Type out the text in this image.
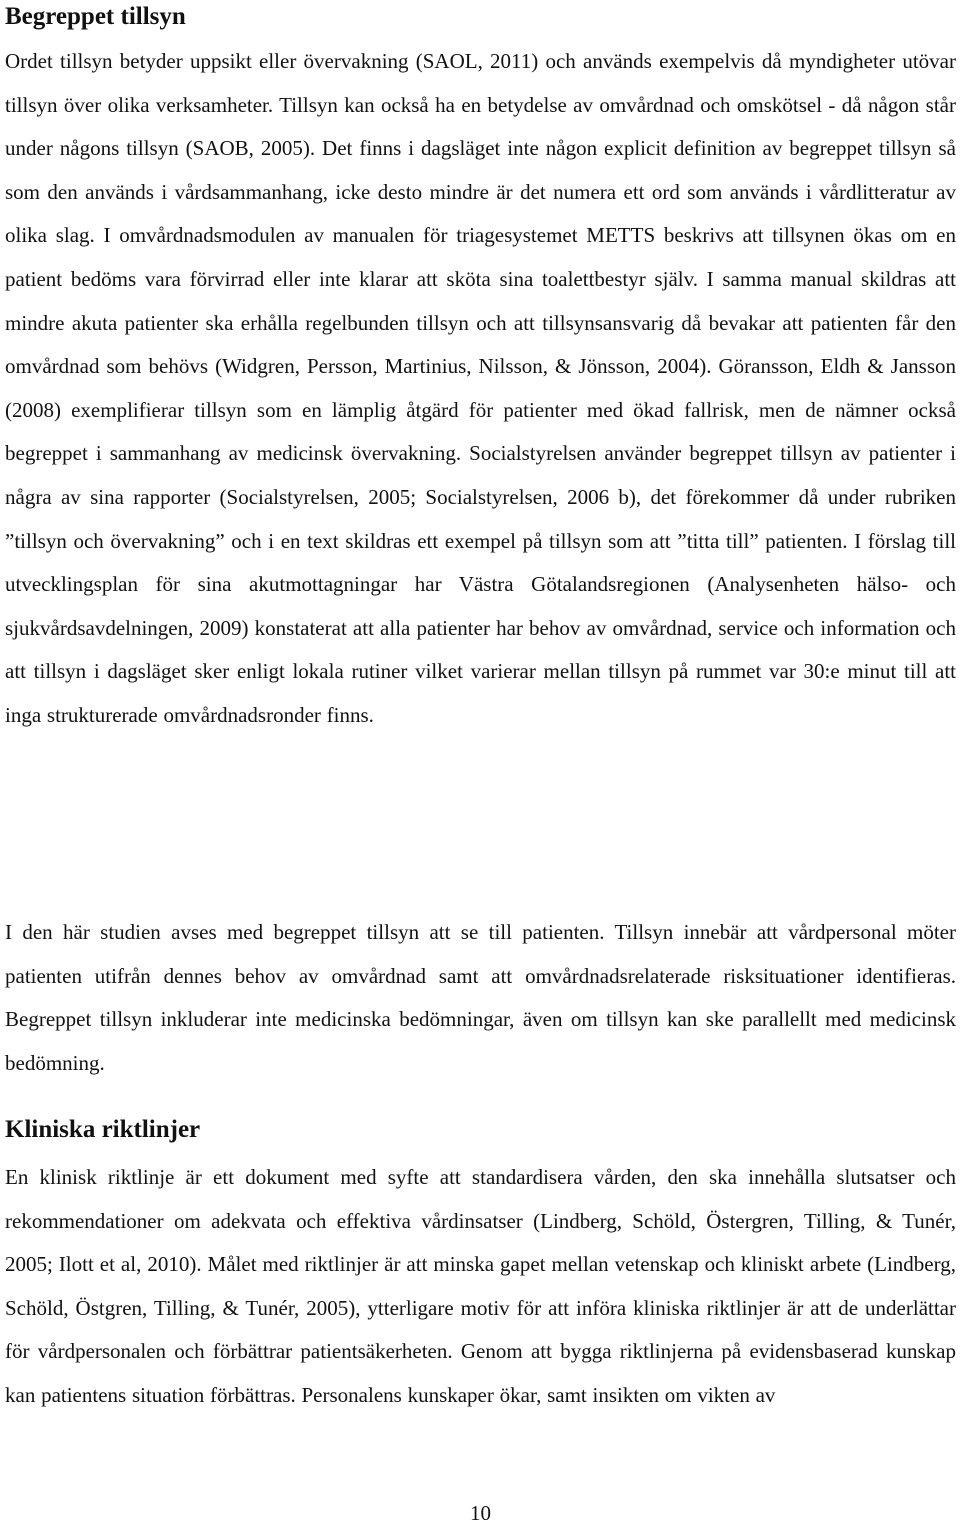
Begreppet tillsyn

Ordet tillsyn betyder uppsikt eller övervakning (SAOL, 2011) och används exempelvis då myndigheter utövar tillsyn över olika verksamheter. Tillsyn kan också ha en betydelse av omvårdnad och omskötsel - då någon står under någons tillsyn (SAOB, 2005). Det finns i dagsläget inte någon explicit definition av begreppet tillsyn så som den används i vårdsammanhang, icke desto mindre är det numera ett ord som används i vårdlitteratur av olika slag. I omvårdnadsmodulen av manualen för triagesystemet METTS beskrivs att tillsynen ökas om en patient bedöms vara förvirrad eller inte klarar att sköta sina toalettbestyr själv. I samma manual skildras att mindre akuta patienter ska erhålla regelbunden tillsyn och att tillsynsansvarig då bevakar att patienten får den omvårdnad som behövs (Widgren, Persson, Martinius, Nilsson, & Jönsson, 2004). Göransson, Eldh & Jansson (2008) exemplifierar tillsyn som en lämplig åtgärd för patienter med ökad fallrisk, men de nämner också begreppet i sammanhang av medicinsk övervakning. Socialstyrelsen använder begreppet tillsyn av patienter i några av sina rapporter (Socialstyrelsen, 2005; Socialstyrelsen, 2006 b), det förekommer då under rubriken ”tillsyn och övervakning” och i en text skildras ett exempel på tillsyn som att ”titta till” patienten. I förslag till utvecklingsplan för sina akutmottagningar har Västra Götalandsregionen (Analysenheten hälso- och sjukvårdsavdelningen, 2009) konstaterat att alla patienter har behov av omvårdnad, service och information och att tillsyn i dagsläget sker enligt lokala rutiner vilket varierar mellan tillsyn på rummet var 30:e minut till att inga strukturerade omvårdnadsronder finns.

I den här studien avses med begreppet tillsyn att se till patienten. Tillsyn innebär att vårdpersonal möter patienten utifrån dennes behov av omvårdnad samt att omvårdnadsrelaterade risksituationer identifieras. Begreppet tillsyn inkluderar inte medicinska bedömningar, även om tillsyn kan ske parallellt med medicinsk bedömning.

Kliniska riktlinjer

En klinisk riktlinje är ett dokument med syfte att standardisera vården, den ska innehålla slutsatser och rekommendationer om adekvata och effektiva vårdinsatser (Lindberg, Schöld, Östergren, Tilling, & Tunér, 2005; Ilott et al, 2010). Målet med riktlinjer är att minska gapet mellan vetenskap och kliniskt arbete (Lindberg, Schöld, Östgren, Tilling, & Tunér, 2005), ytterligare motiv för att införa kliniska riktlinjer är att de underlättar för vårdpersonalen och förbättrar patientsäkerheten. Genom att bygga riktlinjerna på evidensbaserad kunskap kan patientens situation förbättras. Personalens kunskaper ökar, samt insikten om vikten av

10
